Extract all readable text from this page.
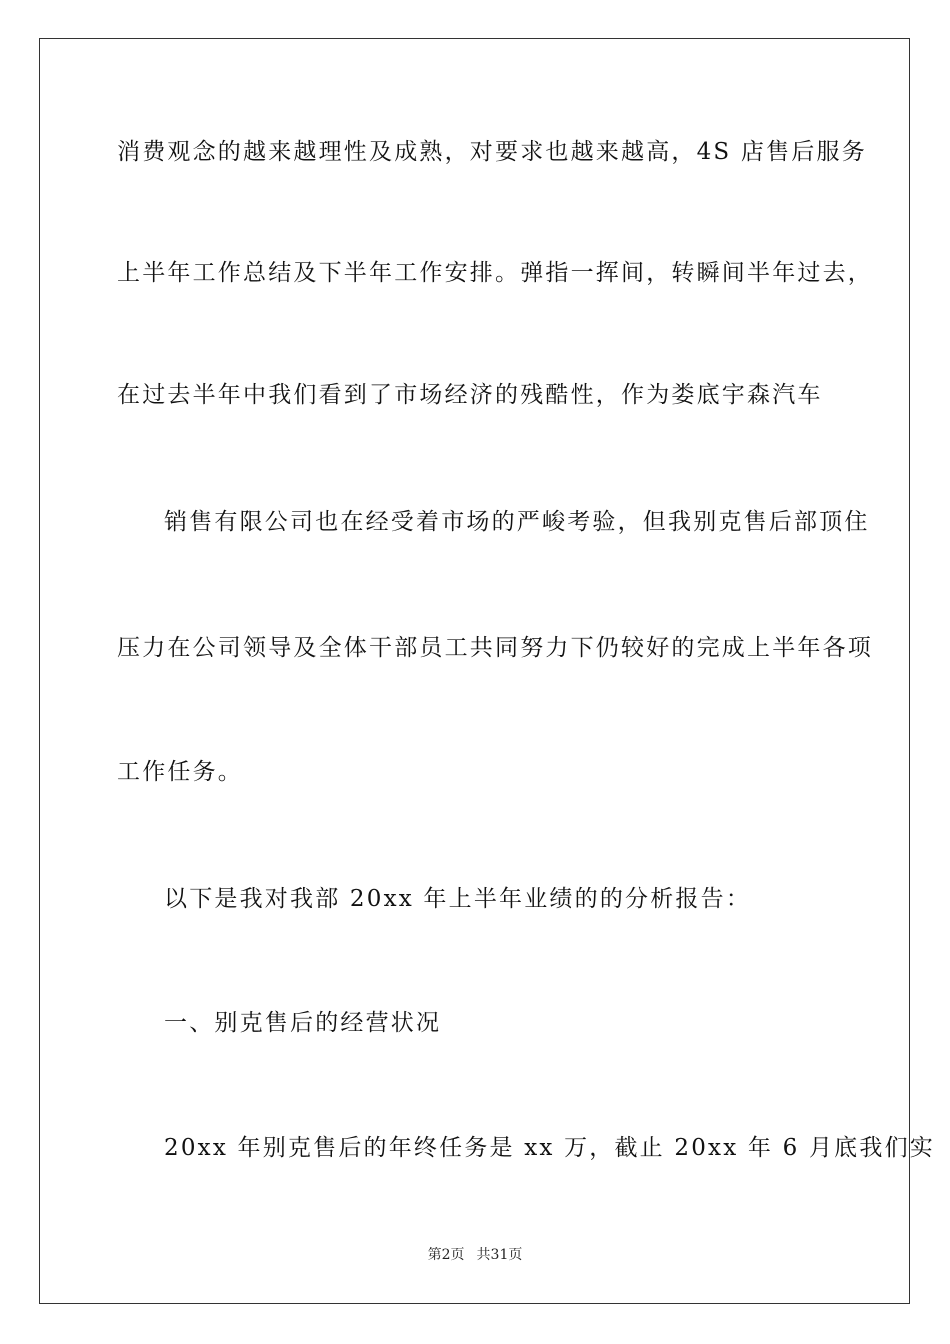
消费观念的越来越理性及成熟，对要求也越来越高，4S 店售后服务
上半年工作总结及下半年工作安排。弹指一挥间，转瞬间半年过去，
在过去半年中我们看到了市场经济的残酷性，作为娄底宇森汽车
销售有限公司也在经受着市场的严峻考验，但我别克售后部顶住
压力在公司领导及全体干部员工共同努力下仍较好的完成上半年各项
工作任务。
以下是我对我部 20xx 年上半年业绩的的分析报告：
一、别克售后的经营状况
20xx 年别克售后的年终任务是 xx 万，截止 20xx 年 6 月底我们实
第2页 共31页
